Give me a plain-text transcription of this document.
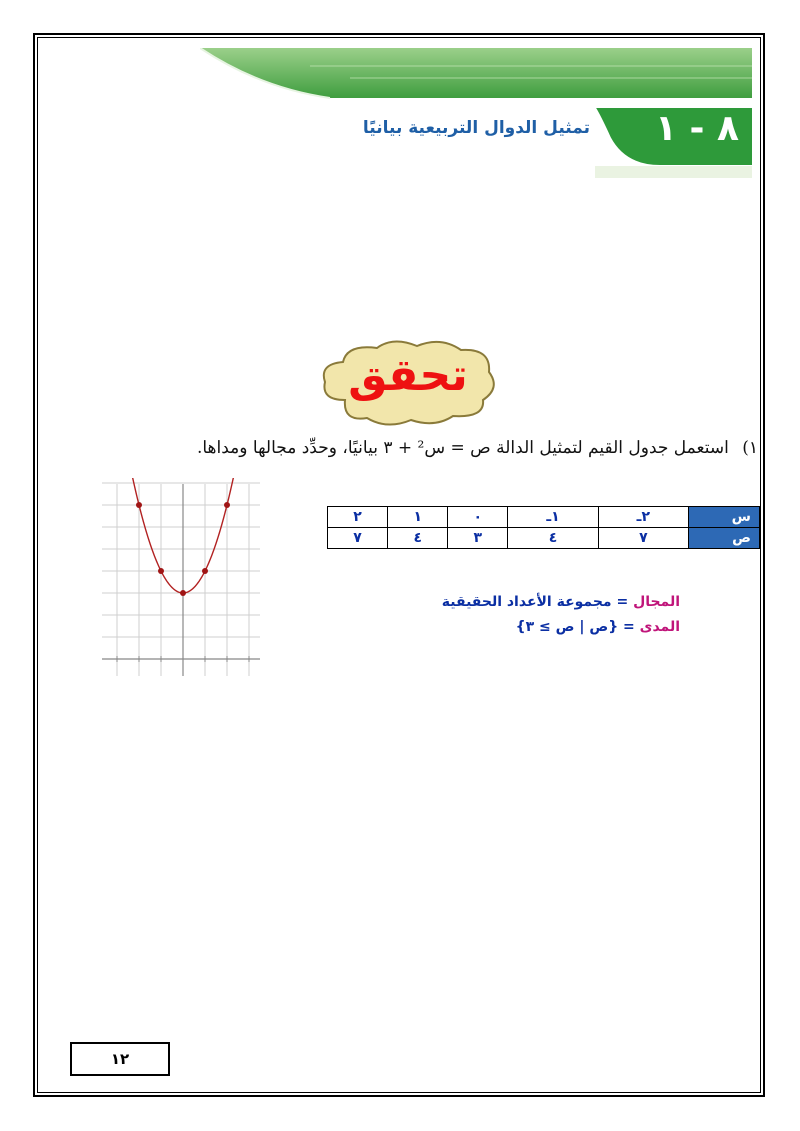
٨ - ١
تمثيل الدوال التربيعية بيانيًا
تحقق
١) استعمل جدول القيم لتمثيل الدالة ص = س² + ٣ بيانيًا، وحدِّد مجالها ومداها.
س	٢ـ	١ـ	٠	١	٢
ص	٧	٤	٣	٤	٧
المجال = مجموعة الأعداد الحقيقية
المدى = {ص | ص ≥ ٣}
١٢
